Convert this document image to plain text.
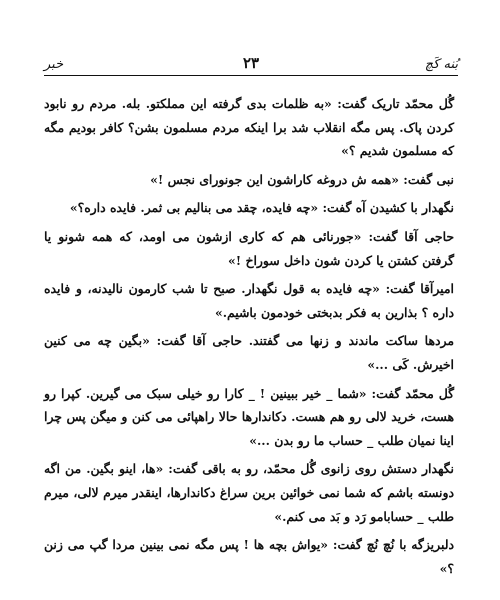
بُنه کَچ
۲۳
خبر

گُل محمّد تاریک گفت: «به ظلمات بدی گرفته این مملکتو. بله. مردم رو نابود کردن پاک. پس مگه انقلاب شد برا اینکه مردم مسلمون بشن؟ کافر بودیم مگه که مسلمون شدیم ؟»

نبی گفت: «همه ش دروغه کاراشون این جونورای نجس !»

نگهدار با کشیدن آه گفت: «چه فایده، چقد می بنالیم بی ثمر. فایده داره؟»

حاجی آقا گفت: «جورنائی هم که کاری ازشون می اومد، که همه شونو یا گرفتن کشتن یا کردن شون داخل سوراخ !»

امیرآقا گفت: «چه فایده به قول نگهدار. صبح تا شب کارمون نالیدنه، و فایده داره ؟ بذارین به فکر بدبختی خودمون باشیم.»

مردها ساکت ماندند و زنها می گفتند. حاجی آقا گفت: «بگین چه می کنین اخیرش. کَی ...»

گُل محمّد گفت: «شما _ خیر ببینین ! _ کارا رو خیلی سبک می گیرین. کپرا رو هست، خرید لالی رو هم هست. دکاندارها حالا راهپائی می کنن و میگن پس چرا اینا نمیان طلب _ حساب ما رو بدن ...»

نگهدار دستش روی زانوی گُل محمّد، رو به باقی گفت: «ها، اینو بگین. من اگه دونسته باشم که شما نمی خوائین برین سراغ دکاندارها، اینقدر میرم لالی، میرم طلب _ حسابامو رَد و بَد می کنم.»

دلبریزگه با نُچ نُچ گفت: «یواش بچه ها ! پس مگه نمی بینین مردا گپ می زنن ؟»
